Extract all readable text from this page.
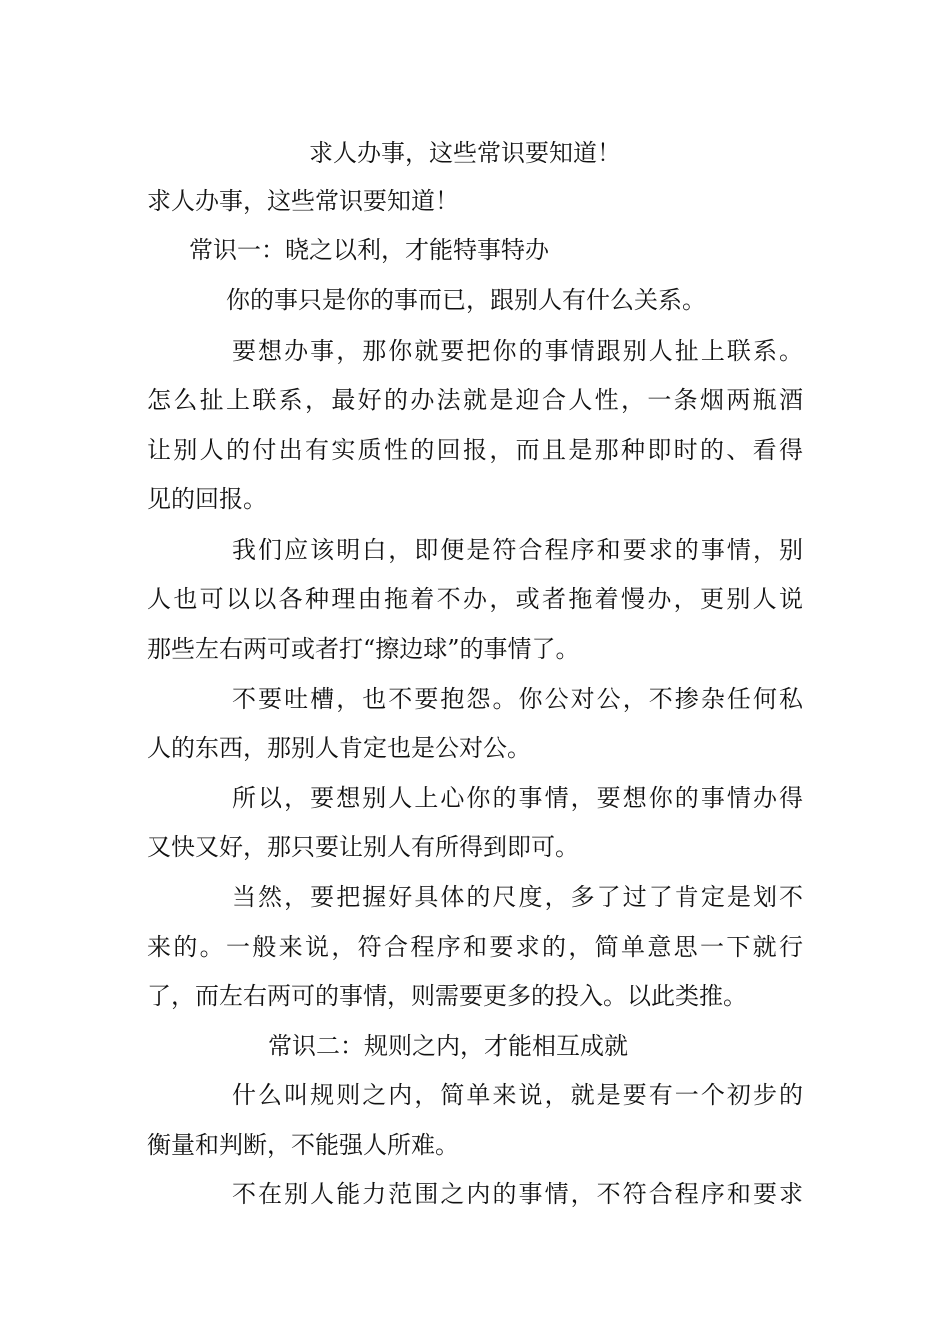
求人办事，这些常识要知道！
求人办事，这些常识要知道！
常识一：晓之以利，才能特事特办
你的事只是你的事而已，跟别人有什么关系。
要想办事，那你就要把你的事情跟别人扯上联系。
怎么扯上联系，最好的办法就是迎合人性，一条烟两瓶酒
让别人的付出有实质性的回报，而且是那种即时的、看得
见的回报。
我们应该明白，即便是符合程序和要求的事情，别
人也可以以各种理由拖着不办，或者拖着慢办，更别人说
那些左右两可或者打“擦边球”的事情了。
不要吐槽，也不要抱怨。你公对公，不掺杂任何私
人的东西，那别人肯定也是公对公。
所以，要想别人上心你的事情，要想你的事情办得
又快又好，那只要让别人有所得到即可。
当然，要把握好具体的尺度，多了过了肯定是划不
来的。一般来说，符合程序和要求的，简单意思一下就行
了，而左右两可的事情，则需要更多的投入。以此类推。
常识二：规则之内，才能相互成就
什么叫规则之内，简单来说，就是要有一个初步的
衡量和判断，不能强人所难。
不在别人能力范围之内的事情，不符合程序和要求
